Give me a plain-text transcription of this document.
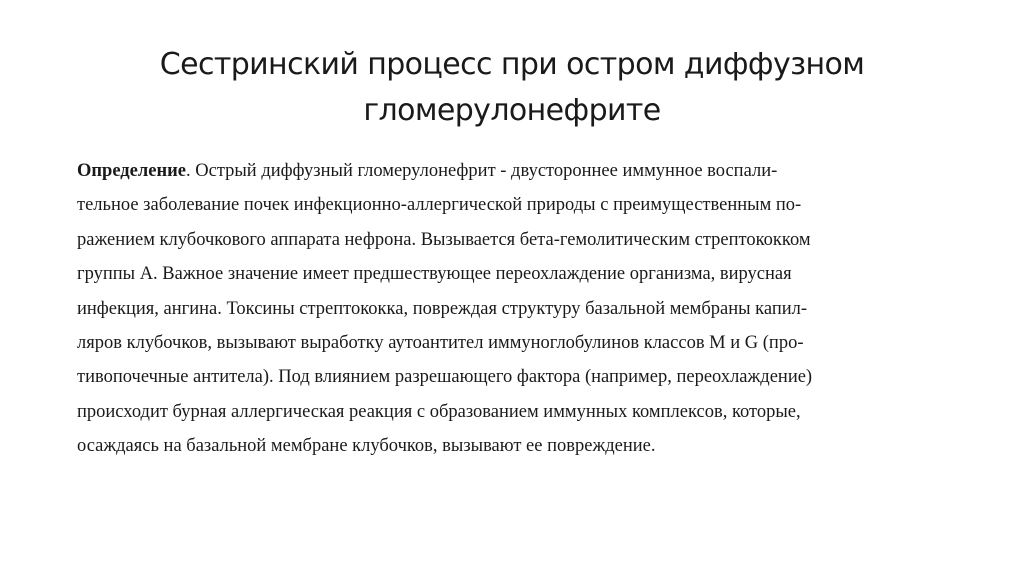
Сестринский процесс при остром диффузном
гломерулонефрите
Определение. Острый диффузный гломерулонефрит - двустороннее иммунное воспали-
тельное заболевание почек инфекционно-аллергической природы с преимущественным по-
ражением клубочкового аппарата нефрона. Вызывается бета-гемолитическим стрептококком
группы А. Важное значение имеет предшествующее переохлаждение организма, вирусная
инфекция, ангина. Токсины стрептококка, повреждая структуру базальной мембраны капил-
ляров клубочков, вызывают выработку аутоантител иммуноглобулинов классов М и G (про-
тивопочечные антитела). Под влиянием разрешающего фактора (например, переохлаждение)
происходит бурная аллергическая реакция с образованием иммунных комплексов, которые,
осаждаясь на базальной мембране клубочков, вызывают ее повреждение.
